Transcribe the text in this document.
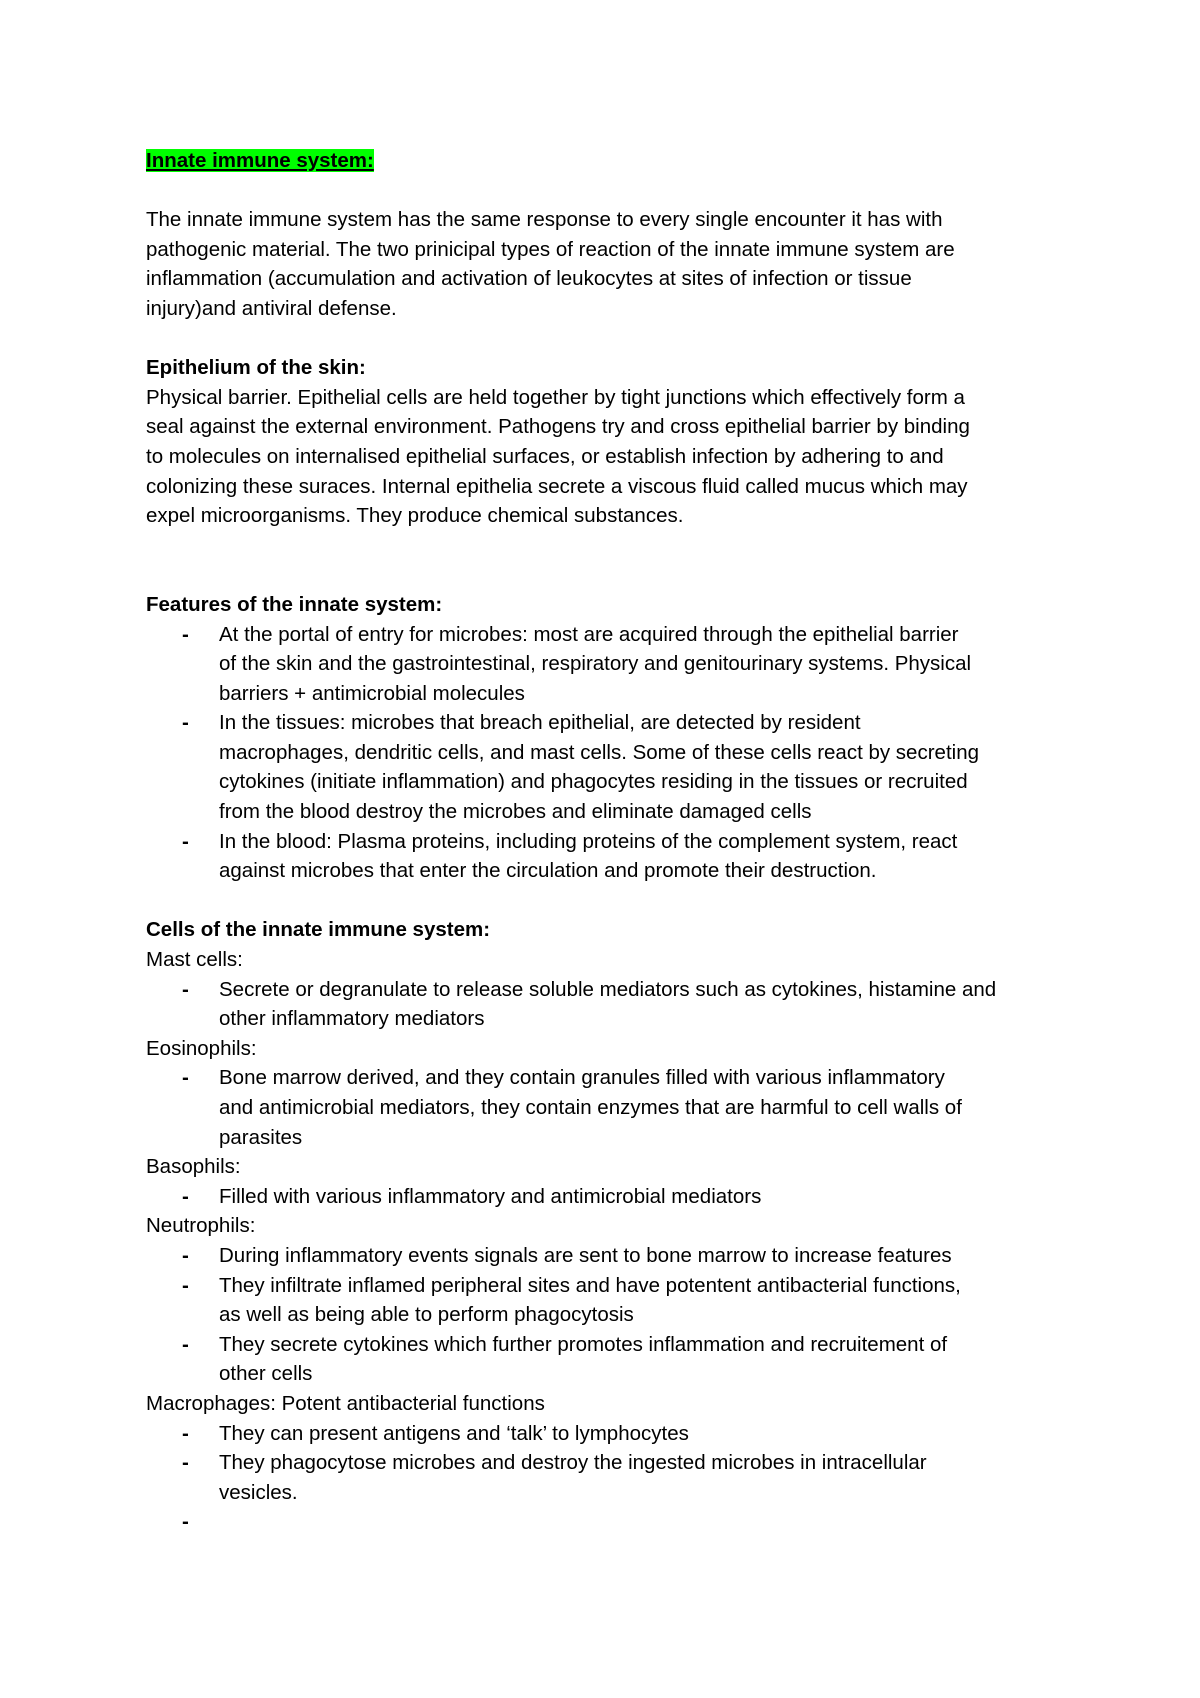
Innate immune system:

The innate immune system has the same response to every single encounter it has with
pathogenic material. The two prinicipal types of reaction of the innate immune system are
inflammation (accumulation and activation of leukocytes at sites of infection or tissue
injury)and antiviral defense.

Epithelium of the skin:

Physical barrier. Epithelial cells are held together by tight junctions which effectively form a
seal against the external environment. Pathogens try and cross epithelial barrier by binding
to molecules on internalised epithelial surfaces, or establish infection by adhering to and
colonizing these suraces. Internal epithelia secrete a viscous fluid called mucus which may
expel microorganisms. They produce chemical substances.

Features of the innate system:

- At the portal of entry for microbes: most are acquired through the epithelial barrier
of the skin and the gastrointestinal, respiratory and genitourinary systems. Physical
barriers + antimicrobial molecules
- In the tissues: microbes that breach epithelial, are detected by resident
macrophages, dendritic cells, and mast cells. Some of these cells react by secreting
cytokines (initiate inflammation) and phagocytes residing in the tissues or recruited
from the blood destroy the microbes and eliminate damaged cells
- In the blood: Plasma proteins, including proteins of the complement system, react
against microbes that enter the circulation and promote their destruction.

Cells of the innate immune system:

Mast cells:
- Secrete or degranulate to release soluble mediators such as cytokines, histamine and
other inflammatory mediators
Eosinophils:
- Bone marrow derived, and they contain granules filled with various inflammatory
and antimicrobial mediators, they contain enzymes that are harmful to cell walls of
parasites
Basophils:
- Filled with various inflammatory and antimicrobial mediators
Neutrophils:
- During inflammatory events signals are sent to bone marrow to increase features
- They infiltrate inflamed peripheral sites and have potentent antibacterial functions,
as well as being able to perform phagocytosis
- They secrete cytokines which further promotes inflammation and recruitement of
other cells
Macrophages: Potent antibacterial functions
- They can present antigens and ‘talk’ to lymphocytes
- They phagocytose microbes and destroy the ingested microbes in intracellular
vesicles.
-
